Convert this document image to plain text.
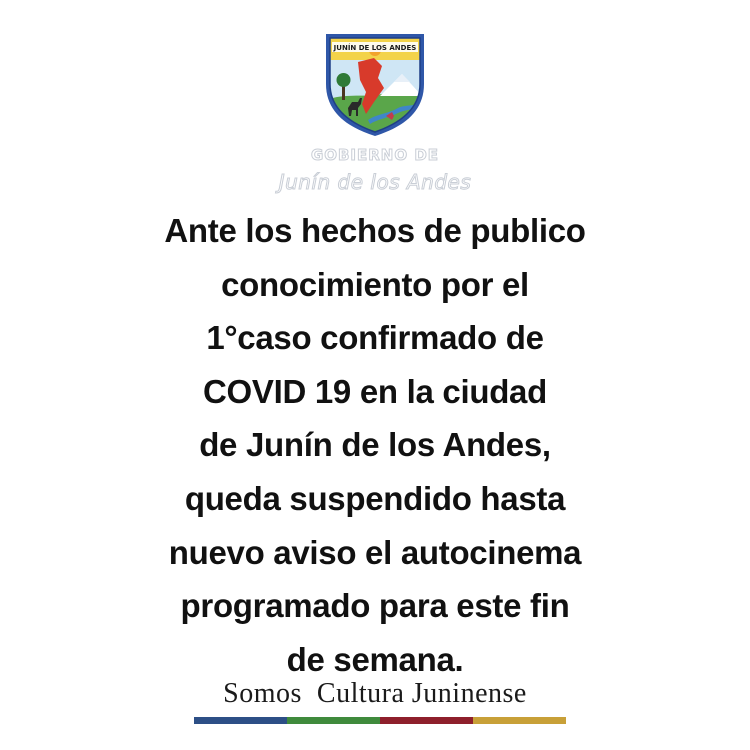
JUNÍN DE LOS ANDES
GOBIERNO DE
Junín de los Andes
Ante los hechos de publico
conocimiento por el
1°caso confirmado de
COVID 19 en la ciudad
de Junín de los Andes,
queda suspendido hasta
nuevo aviso el autocinema
programado para este fin
de semana.
Somos  Cultura Juninense
